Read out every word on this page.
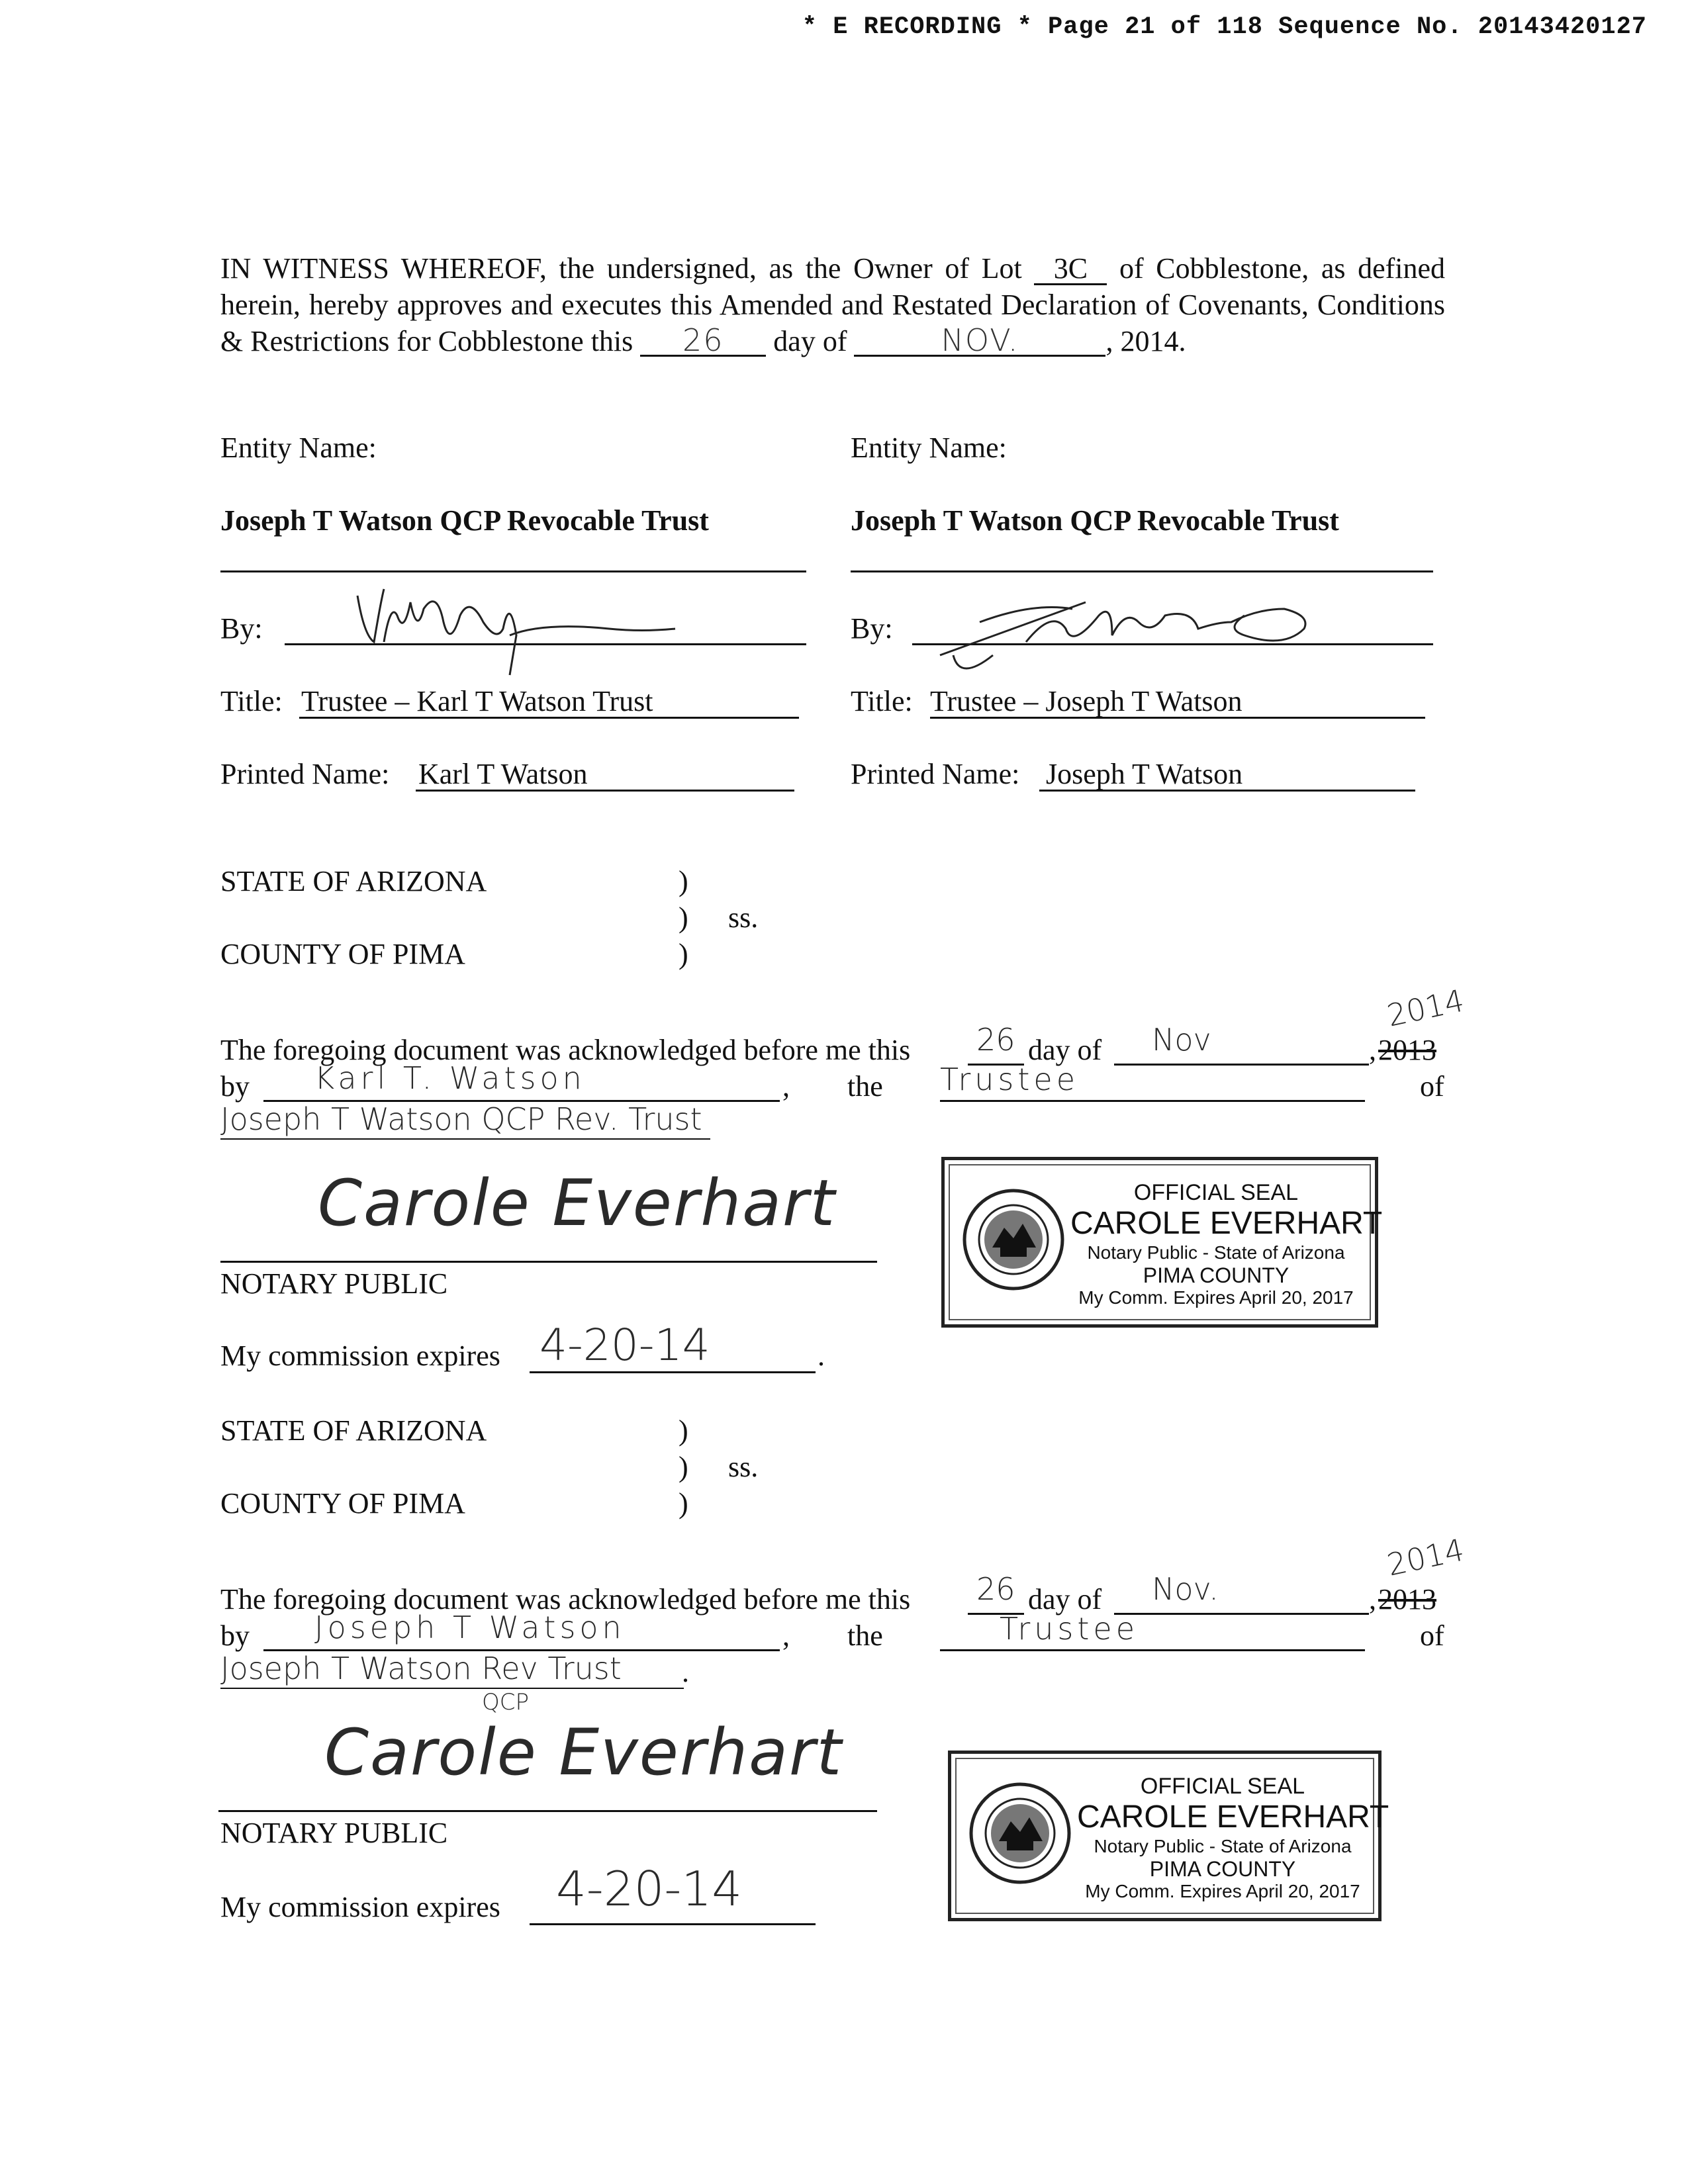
* E RECORDING * Page 21 of 118 Sequence No. 20143420127
IN WITNESS WHEREOF, the undersigned, as the Owner of Lot 3C of Cobblestone, as defined herein, hereby approves and executes this Amended and Restated Declaration of Covenants, Conditions & Restrictions for Cobblestone this 26 day of	NOV.	, 2014.
Entity Name:
Joseph T Watson QCP Revocable Trust
By:
Title: Trustee – Karl T Watson Trust
Printed Name: Karl T Watson
Entity Name:
Joseph T Watson QCP Revocable Trust
By:
Title: Trustee – Joseph T Watson
Printed Name: Joseph T Watson
STATE OF ARIZONA
COUNTY OF PIMA
)
)
)
ss.
The foregoing document was acknowledged before me this 26 day of Nov	, 2013
2014
by Karl T. Watson	, the Trustee	of
Joseph T Watson QCP Rev. Trust
Carole Everhart
NOTARY PUBLIC
My commission expires 4-20-14	.
OFFICIAL SEAL
CAROLE EVERHART
Notary Public - State of Arizona
PIMA COUNTY
My Comm. Expires April 20, 2017
STATE OF ARIZONA
COUNTY OF PIMA
)
)
)
ss.
The foregoing document was acknowledged before me this 26 day of Nov.	, 2013
2014
by Joseph T Watson	, the	Trustee	of
Joseph T Watson Rev Trust .
QCP
Carole Everhart
NOTARY PUBLIC
My commission expires 4-20-14
OFFICIAL SEAL
CAROLE EVERHART
Notary Public - State of Arizona
PIMA COUNTY
My Comm. Expires April 20, 2017
